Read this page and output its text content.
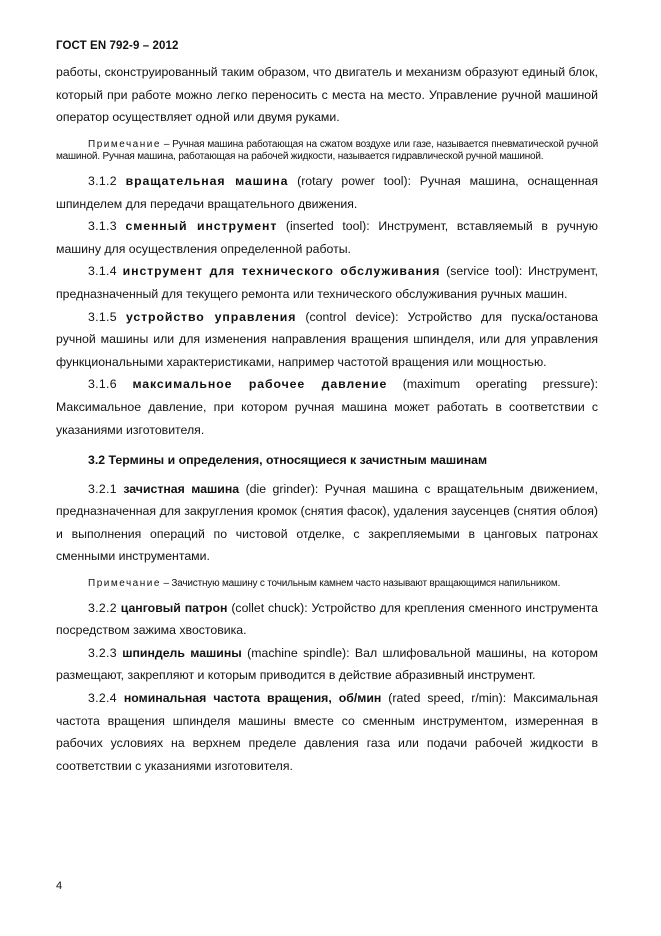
ГОСТ EN 792-9 – 2012

работы, сконструированный таким образом, что двигатель и механизм образуют единый блок, который при работе можно легко переносить с места на место. Управление ручной машиной оператор осуществляет одной или двумя руками.

Примечание – Ручная машина работающая на сжатом воздухе или газе, называется пневматической ручной машиной. Ручная машина, работающая на рабочей жидкости, называется гидравлической ручной машиной.

3.1.2 вращательная машина (rotary power tool): Ручная машина, оснащенная шпинделем для передачи вращательного движения.

3.1.3 сменный инструмент (inserted tool): Инструмент, вставляемый в ручную машину для осуществления определенной работы.

3.1.4 инструмент для технического обслуживания (service tool): Инструмент, предназначенный для текущего ремонта или технического обслуживания ручных машин.

3.1.5 устройство управления (control device): Устройство для пуска/останова ручной машины или для изменения направления вращения шпинделя, или для управления функциональными характеристиками, например частотой вращения или мощностью.

3.1.6 максимальное рабочее давление (maximum operating pressure): Максимальное давление, при котором ручная машина может работать в соответствии с указаниями изготовителя.

3.2 Термины и определения, относящиеся к зачистным машинам

3.2.1 зачистная машина (die grinder): Ручная машина с вращательным движением, предназначенная для закругления кромок (снятия фасок), удаления заусенцев (снятия облоя) и выполнения операций по чистовой отделке, с закрепляемыми в цанговых патронах сменными инструментами.

Примечание – Зачистную машину с точильным камнем часто называют вращающимся напильником.

3.2.2 цанговый патрон (collet chuck): Устройство для крепления сменного инструмента посредством зажима хвостовика.

3.2.3 шпиндель машины (machine spindle): Вал шлифовальной машины, на котором размещают, закрепляют и которым приводится в действие абразивный инструмент.

3.2.4 номинальная частота вращения, об/мин (rated speed, r/min): Максимальная частота вращения шпинделя машины вместе со сменным инструментом, измеренная в рабочих условиях на верхнем пределе давления газа или подачи рабочей жидкости в соответствии с указаниями изготовителя.

4
